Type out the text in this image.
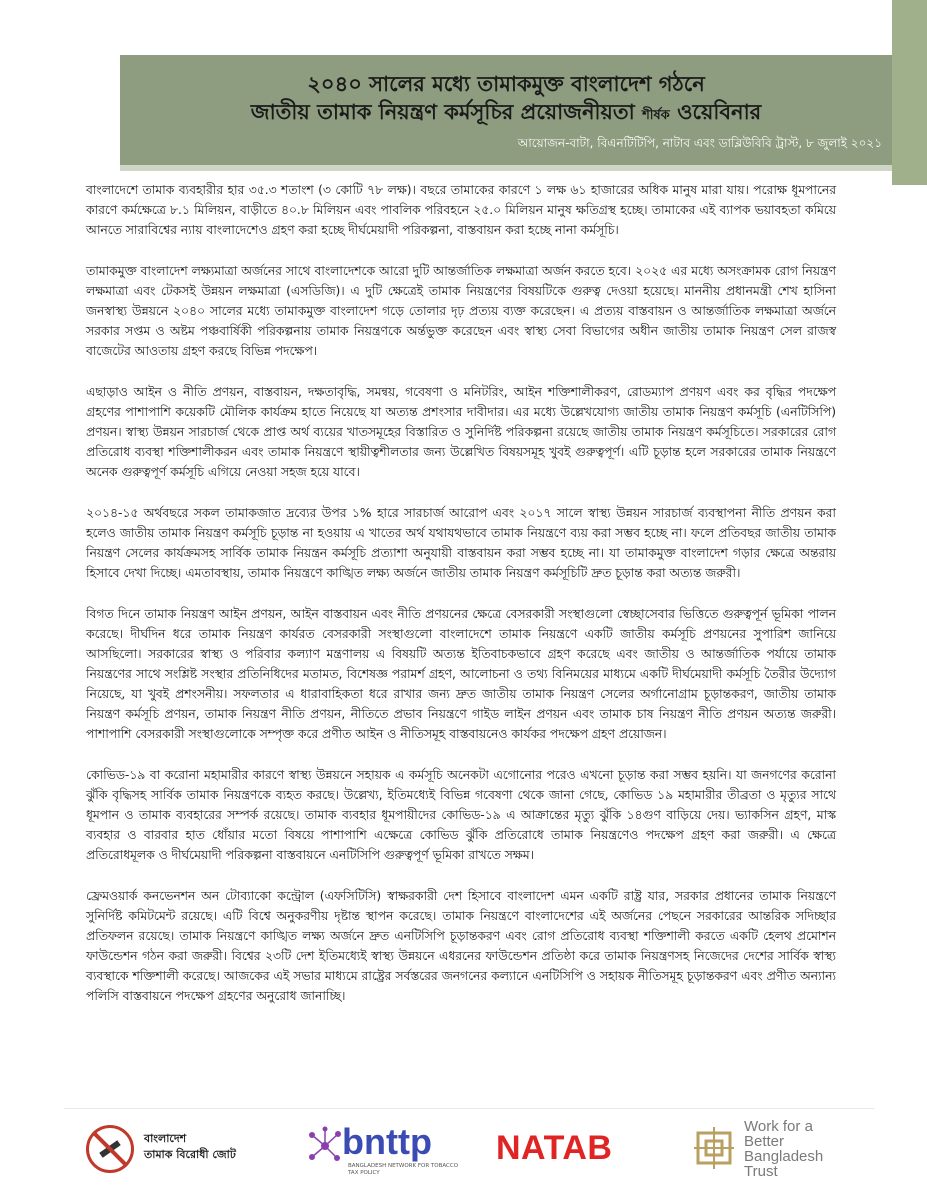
২০৪০ সালের মধ্যে তামাকমুক্ত বাংলাদেশ গঠনে
জাতীয় তামাক নিয়ন্ত্রণ কর্মসূচির প্রয়োজনীয়তা শীর্ষক ওয়েবিনার
আয়োজন-বাটা, বিএনটিটিপি, নাটাব এবং ডাব্লিউবিবি ট্রাস্ট, ৮ জুলাই ২০২১

বাংলাদেশে তামাক ব্যবহারীর হার ৩৫.৩ শতাংশ (৩ কোটি ৭৮ লক্ষ)। বছরে তামাকের কারণে ১ লক্ষ ৬১ হাজারের অধিক মানুষ মারা যায়। পরোক্ষ ধূমপানের কারণে কর্মক্ষেত্রে ৮.১ মিলিয়ন, বাড়ীতে ৪০.৮ মিলিয়ন এবং পাবলিক পরিবহনে ২৫.০ মিলিয়ন মানুষ ক্ষতিগ্রস্থ হচ্ছে। তামাকের এই ব্যাপক ভয়াবহতা কমিয়ে আনতে সারাবিশ্বের ন্যায় বাংলাদেশেও গ্রহণ করা হচ্ছে দীর্ঘমেয়াদী পরিকল্পনা, বাস্তবায়ন করা হচ্ছে নানা কর্মসূচি।

তামাকমুক্ত বাংলাদেশ লক্ষ্যমাত্রা অর্জনের সাথে বাংলাদেশকে আরো দুটি আন্তর্জাতিক লক্ষমাত্রা অর্জন করতে হবে। ২০২৫ এর মধ্যে অসংক্রামক রোগ নিয়ন্ত্রণ লক্ষমাত্রা এবং টেকসই উন্নয়ন লক্ষমাত্রা (এসডিজি)। এ দুটি ক্ষেত্রেই তামাক নিয়ন্ত্রণের বিষয়টিকে গুরুত্ব দেওয়া হয়েছে। মাননীয় প্রধানমন্ত্রী শেখ হাসিনা জনস্বাস্থ্য উন্নয়নে ২০৪০ সালের মধ্যে তামাকমুক্ত বাংলাদেশ গড়ে তোলার দৃঢ় প্রত্যয় ব্যক্ত করেছেন। এ প্রত্যয় বাস্তবায়ন ও আন্তর্জাতিক লক্ষমাত্রা অর্জনে সরকার সপ্তম ও অষ্টম পঞ্চবার্ষিকী পরিকল্পনায় তামাক নিয়ন্ত্রণকে অর্ন্তভুক্ত করেছেন এবং স্বাস্থ্য সেবা বিভাগের অধীন জাতীয় তামাক নিয়ন্ত্রণ সেল রাজস্ব বাজেটের আওতায় গ্রহণ করছে বিভিন্ন পদক্ষেপ।

এছাড়াও আইন ও নীতি প্রণয়ন, বাস্তবায়ন, দক্ষতাবৃদ্ধি, সমন্বয়, গবেষণা ও মনিটরিং, আইন শক্তিশালীকরণ, রোডম্যাপ প্রণয়ণ এবং কর বৃদ্ধির পদক্ষেপ গ্রহণের পাশাপাশি কয়েকটি মৌলিক কার্যক্রম হাতে নিয়েছে যা অত্যন্ত প্রশংসার দাবীদার। এর মধ্যে উল্লেখযোগ্য জাতীয় তামাক নিয়ন্ত্রণ কর্মসূচি (এনটিসিপি) প্রণয়ন। স্বাস্থ্য উন্নয়ন সারচার্জ থেকে প্রাপ্ত অর্থ ব্যয়ের খাতসমূহের বিস্তারিত ও সুনির্দিষ্ট পরিকল্পনা রয়েছে জাতীয় তামাক নিয়ন্ত্রণ কর্মসূচিতে। সরকারের রোগ প্রতিরোধ ব্যবস্থা শক্তিশালীকরন এবং তামাক নিয়ন্ত্রণে স্থায়ীত্বশীলতার জন্য উল্লেখিত বিষয়সমূহ খুবই গুরুত্বপূর্ণ। এটি চূড়ান্ত হলে সরকারের তামাক নিয়ন্ত্রণে অনেক গুরুত্বপূর্ণ কর্মসূচি এগিয়ে নেওয়া সহজ হয়ে যাবে।

২০১৪-১৫ অর্থবছরে সকল তামাকজাত দ্রব্যের উপর ১% হারে সারচার্জ আরোপ এবং ২০১৭ সালে স্বাস্থ্য উন্নয়ন সারচার্জ ব্যবস্থাপনা নীতি প্রণয়ন করা হলেও জাতীয় তামাক নিয়ন্ত্রণ কর্মসূচি চূড়ান্ত না হওয়ায় এ খাতের অর্থ যথাযথভাবে তামাক নিয়ন্ত্রণে ব্যয় করা সম্ভব হচ্ছে না। ফলে প্রতিবছর জাতীয় তামাক নিয়ন্ত্রণ সেলের কার্যক্রমসহ সার্বিক তামাক নিয়ন্ত্রন কর্মসূচি প্রত্যাশা অনুযায়ী বাস্তবায়ন করা সম্ভব হচ্ছে না। যা তামাকমুক্ত বাংলাদেশ গড়ার ক্ষেত্রে অন্তরায় হিসাবে দেখা দিচ্ছে। এমতাবস্থায়, তামাক নিয়ন্ত্রণে কাঙ্খিত লক্ষ্য অর্জনে জাতীয় তামাক নিয়ন্ত্রণ কর্মসূচিটি দ্রুত চূড়ান্ত করা অত্যন্ত জরুরী।

বিগত দিনে তামাক নিয়ন্ত্রণ আইন প্রণয়ন, আইন বাস্তবায়ন এবং নীতি প্রণয়নের ক্ষেত্রে বেসরকারী সংস্থাগুলো স্বেচ্ছাসেবার ভিত্তিতে গুরুত্বপূর্ন ভূমিকা পালন করেছে। দীর্ঘদিন ধরে তামাক নিয়ন্ত্রণ কার্যরত বেসরকারী সংস্থাগুলো বাংলাদেশে তামাক নিয়ন্ত্রণে একটি জাতীয় কর্মসূচি প্রণয়নের সুপারিশ জানিয়ে আসছিলো। সরকারের স্বাস্থ্য ও পরিবার কল্যাণ মন্ত্রণালয় এ বিষয়টি অত্যন্ত ইতিবাচকভাবে গ্রহণ করেছে এবং জাতীয় ও আন্তর্জাতিক পর্যায়ে তামাক নিয়ন্ত্রণের সাথে সংশ্লিষ্ট সংস্থার প্রতিনিধিদের মতামত, বিশেষজ্ঞ পরামর্শ গ্রহণ, আলোচনা ও তথ্য বিনিময়ের মাধ্যমে একটি দীর্ঘমেয়াদী কর্মসূচি তৈরীর উদ্যোগ নিয়েছে, যা খুবই প্রশংসনীয়। সফলতার এ ধারাবাহিকতা ধরে রাখার জন্য দ্রুত জাতীয় তামাক নিয়ন্ত্রণ সেলের অর্গানোগ্রাম চূড়ান্তকরণ, জাতীয় তামাক নিয়ন্ত্রণ কর্মসূচি প্রণয়ন, তামাক নিয়ন্ত্রণ নীতি প্রণয়ন, নীতিতে প্রভাব নিয়ন্ত্রণে গাইড লাইন প্রণয়ন এবং তামাক চাষ নিয়ন্ত্রণ নীতি প্রণয়ন অত্যন্ত জরুরী। পাশাপাশি বেসরকারী সংস্থাগুলোকে সম্পৃক্ত করে প্রণীত আইন ও নীতিসমূহ বাস্তবায়নেও কার্যকর পদক্ষেপ গ্রহণ প্রয়োজন।

কোভিড-১৯ বা করোনা মহামারীর কারণে স্বাস্থ্য উন্নয়নে সহায়ক এ কর্মসূচি অনেকটা এগোনোর পরেও এখনো চূড়ান্ত করা সম্ভব হয়নি। যা জনগণের করোনা ঝুঁকি বৃদ্ধিসহ সার্বিক তামাক নিয়ন্ত্রণকে ব্যহত করছে। উল্লেখ্য, ইতিমধ্যেই বিভিন্ন গবেষণা থেকে জানা গেছে, কোভিড ১৯ মহামারীর তীব্রতা ও মৃত্যুর সাথে ধূমপান ও তামাক ব্যবহারের সম্পর্ক রয়েছে। তামাক ব্যবহার ধূমপায়ীদের কোভিড-১৯ এ আক্রান্তের মৃত্যু ঝুঁকি ১৪গুণ বাড়িয়ে দেয়। ভ্যাকসিন গ্রহণ, মাস্ক ব্যবহার ও বারবার হাত ধোঁয়ার মতো বিষয়ে পাশাপাশি এক্ষেত্রে কোভিড ঝুঁকি প্রতিরোধে তামাক নিয়ন্ত্রণেও পদক্ষেপ গ্রহণ করা জরুরী। এ ক্ষেত্রে প্রতিরোধমূলক ও দীর্ঘমেয়াদী পরিকল্পনা বাস্তবায়নে এনটিসিপি গুরুত্বপূর্ণ ভূমিকা রাখতে সক্ষম।

ফ্রেমওয়ার্ক কনভেনশন অন টোব্যাকো কন্ট্রোল (এফসিটিসি) স্বাক্ষরকারী দেশ হিসাবে বাংলাদেশ এমন একটি রাষ্ট্র যার, সরকার প্রধানের তামাক নিয়ন্ত্রণে সুনির্দিষ্ট কমিটমেন্ট রয়েছে। এটি বিশ্বে অনুকরণীয় দৃষ্টান্ত স্থাপন করেছে। তামাক নিয়ন্ত্রণে বাংলাদেশের এই অর্জনের পেছনে সরকারের আন্তরিক সদিচ্ছার প্রতিফলন রয়েছে। তামাক নিয়ন্ত্রণে কাঙ্খিত লক্ষ্য অর্জনে দ্রুত এনটিসিপি চূড়ান্তকরণ এবং রোগ প্রতিরোধ ব্যবস্থা শক্তিশালী করতে একটি হেলথ প্রমোশন ফাউন্ডেশন গঠন করা জরুরী। বিশ্বের ২৩টি দেশ ইতিমধ্যেই স্বাস্থ্য উন্নয়নে এধরনের ফাউন্ডেশন প্রতিষ্ঠা করে তামাক নিয়ন্ত্রণসহ নিজেদের দেশের সার্বিক স্বাস্থ্য ব্যবস্থাকে শক্তিশালী করেছে। আজকের এই সভার মাধ্যমে রাষ্ট্রের সর্বস্তরের জনগনের কল্যানে এনটিসিপি ও সহায়ক নীতিসমূহ চূড়ান্তকরণ এবং প্রণীত অন্যান্য পলিসি বাস্তবায়নে পদক্ষেপ গ্রহণের অনুরোধ জানাচ্ছি।

বাংলাদেশ
তামাক বিরোধী জোট	bnttp
BANGLADESH NETWORK FOR TOBACCO TAX POLICY
NATAB
Work for a
Better
Bangladesh
Trust
